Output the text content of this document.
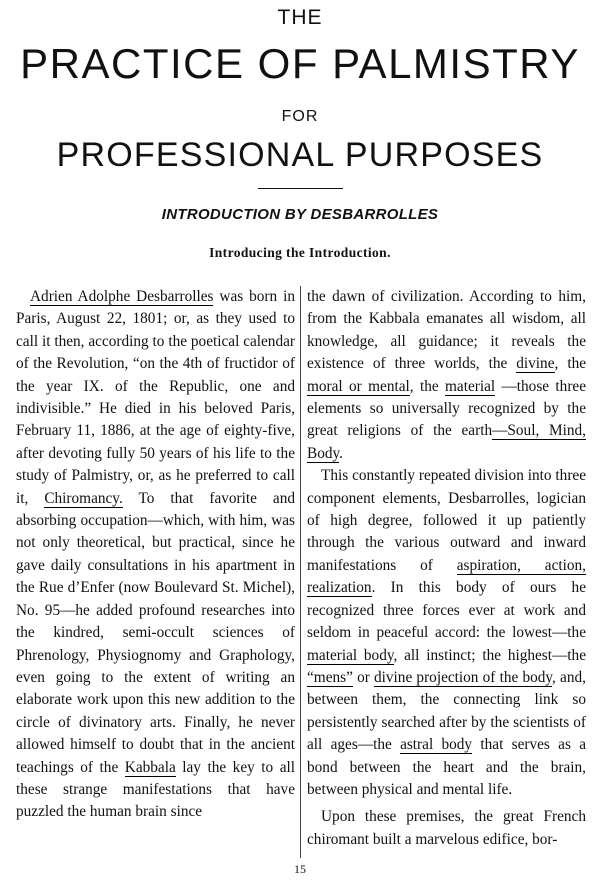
THE
PRACTICE OF PALMISTRY
FOR
PROFESSIONAL PURPOSES
INTRODUCTION BY DESBARROLLES
Introducing the Introduction.

Adrien Adolphe Desbarrolles was born in Paris, August 22, 1801; or, as they used to call it then, according to the poetical calendar of the Revolution, “on the 4th of fructidor of the year IX. of the Republic, one and indivisible.” He died in his beloved Paris, February 11, 1886, at the age of eighty-five, after devoting fully 50 years of his life to the study of Palmistry, or, as he preferred to call it, Chiromancy. To that favorite and absorbing occupation—which, with him, was not only theoretical, but practical, since he gave daily consultations in his apartment in the Rue d’Enfer (now Boulevard St. Michel), No. 95—he added profound researches into the kindred, semi-occult sciences of Phrenology, Physiognomy and Graphology, even going to the extent of writing an elaborate work upon this new addition to the circle of divinatory arts. Finally, he never allowed himself to doubt that in the ancient teachings of the Kabbala lay the key to all these strange manifestations that have puzzled the human brain since

the dawn of civilization. According to him, from the Kabbala emanates all wisdom, all knowledge, all guidance; it reveals the existence of three worlds, the divine, the moral or mental, the material —those three elements so universally recognized by the great religions of the earth—Soul, Mind, Body.

This constantly repeated division into three component elements, Desbarrolles, logician of high degree, followed it up patiently through the various outward and inward manifestations of aspiration, action, realization. In this body of ours he recognized three forces ever at work and seldom in peaceful accord: the lowest—the material body, all instinct; the highest—the “mens” or divine projection of the body, and, between them, the connecting link so persistently searched after by the scientists of all ages—the astral body that serves as a bond between the heart and the brain, between physical and mental life.

Upon these premises, the great French chiromant built a marvelous edifice, bor-

15
